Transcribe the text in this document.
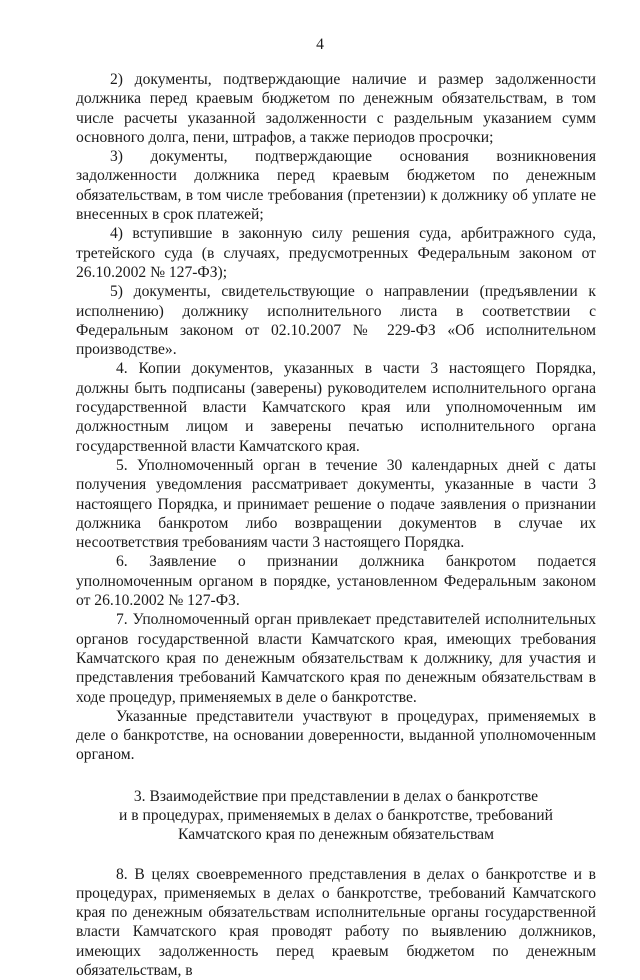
4

2) документы, подтверждающие наличие и размер задолженности должника перед краевым бюджетом по денежным обязательствам, в том числе расчеты указанной задолженности с раздельным указанием сумм основного долга, пени, штрафов, а также периодов просрочки;

3) документы, подтверждающие основания возникновения задолженности должника перед краевым бюджетом по денежным обязательствам, в том числе требования (претензии) к должнику об уплате не внесенных в срок платежей;

4) вступившие в законную силу решения суда, арбитражного суда, третейского суда (в случаях, предусмотренных Федеральным законом от 26.10.2002 № 127-ФЗ);

5) документы, свидетельствующие о направлении (предъявлении к исполнению) должнику исполнительного листа в соответствии с Федеральным законом от 02.10.2007 № 229-ФЗ «Об исполнительном производстве».

4. Копии документов, указанных в части 3 настоящего Порядка, должны быть подписаны (заверены) руководителем исполнительного органа государственной власти Камчатского края или уполномоченным им должностным лицом и заверены печатью исполнительного органа государственной власти Камчатского края.

5. Уполномоченный орган в течение 30 календарных дней с даты получения уведомления рассматривает документы, указанные в части 3 настоящего Порядка, и принимает решение о подаче заявления о признании должника банкротом либо возвращении документов в случае их несоответствия требованиям части 3 настоящего Порядка.

6. Заявление о признании должника банкротом подается уполномоченным органом в порядке, установленном Федеральным законом от 26.10.2002 № 127-ФЗ.

7. Уполномоченный орган привлекает представителей исполнительных органов государственной власти Камчатского края, имеющих требования Камчатского края по денежным обязательствам к должнику, для участия и представления требований Камчатского края по денежным обязательствам в ходе процедур, применяемых в деле о банкротстве.

Указанные представители участвуют в процедурах, применяемых в деле о банкротстве, на основании доверенности, выданной уполномоченным органом.

3. Взаимодействие при представлении в делах о банкротстве
и в процедурах, применяемых в делах о банкротстве, требований
Камчатского края по денежным обязательствам

8. В целях своевременного представления в делах о банкротстве и в процедурах, применяемых в делах о банкротстве, требований Камчатского края по денежным обязательствам исполнительные органы государственной власти Камчатского края проводят работу по выявлению должников, имеющих задолженность перед краевым бюджетом по денежным обязательствам, в
